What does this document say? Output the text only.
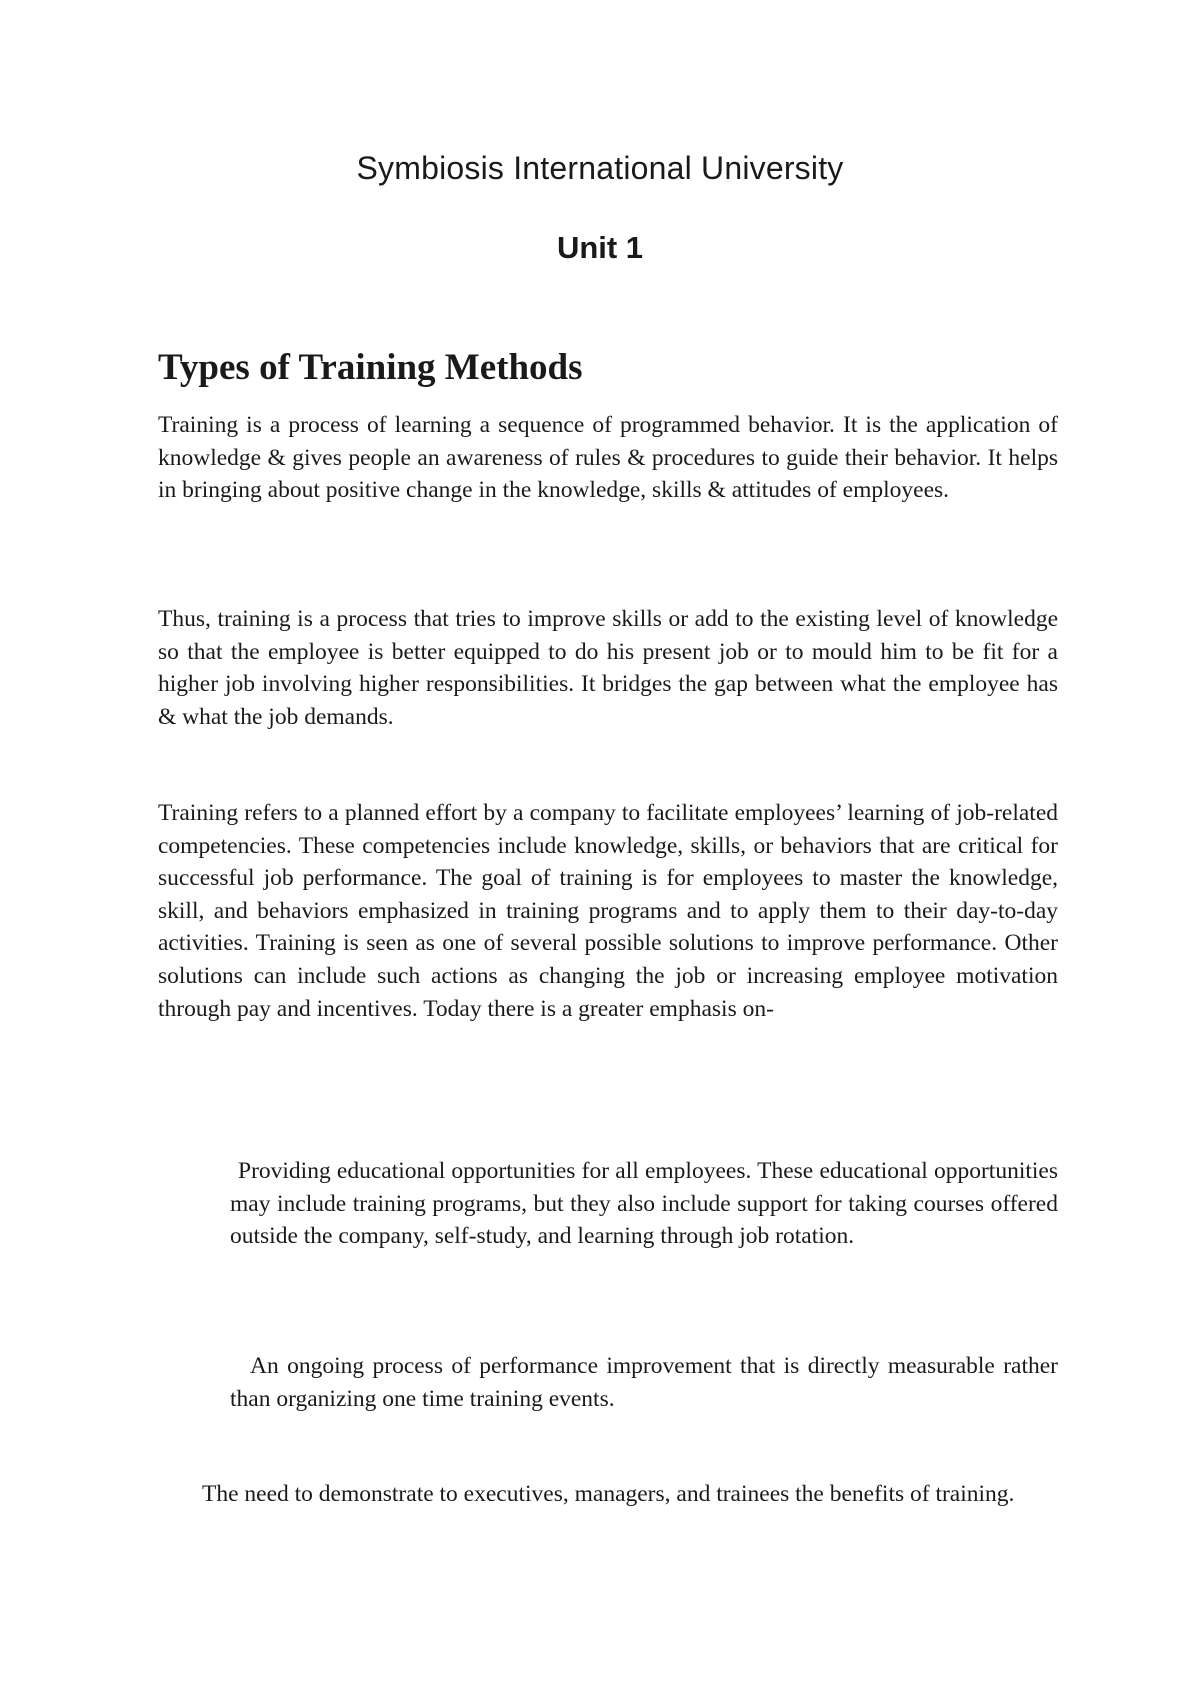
Symbiosis International University
Unit 1
Types of Training Methods

Training is a process of learning a sequence of programmed behavior. It is the application of knowledge & gives people an awareness of rules & procedures to guide their behavior. It helps in bringing about positive change in the knowledge, skills & attitudes of employees.

Thus, training is a process that tries to improve skills or add to the existing level of knowledge so that the employee is better equipped to do his present job or to mould him to be fit for a higher job involving higher responsibilities. It bridges the gap between what the employee has & what the job demands.

Training refers to a planned effort by a company to facilitate employees’ learning of job-related competencies. These competencies include knowledge, skills, or behaviors that are critical for successful job performance. The goal of training is for employees to master the knowledge, skill, and behaviors emphasized in training programs and to apply them to their day-to-day activities. Training is seen as one of several possible solutions to improve performance. Other solutions can include such actions as changing the job or increasing employee motivation through pay and incentives. Today there is a greater emphasis on-

Providing educational opportunities for all employees. These educational opportunities may include training programs, but they also include support for taking courses offered outside the company, self-study, and learning through job rotation.

An ongoing process of performance improvement that is directly measurable rather than organizing one time training events.

The need to demonstrate to executives, managers, and trainees the benefits of training.
